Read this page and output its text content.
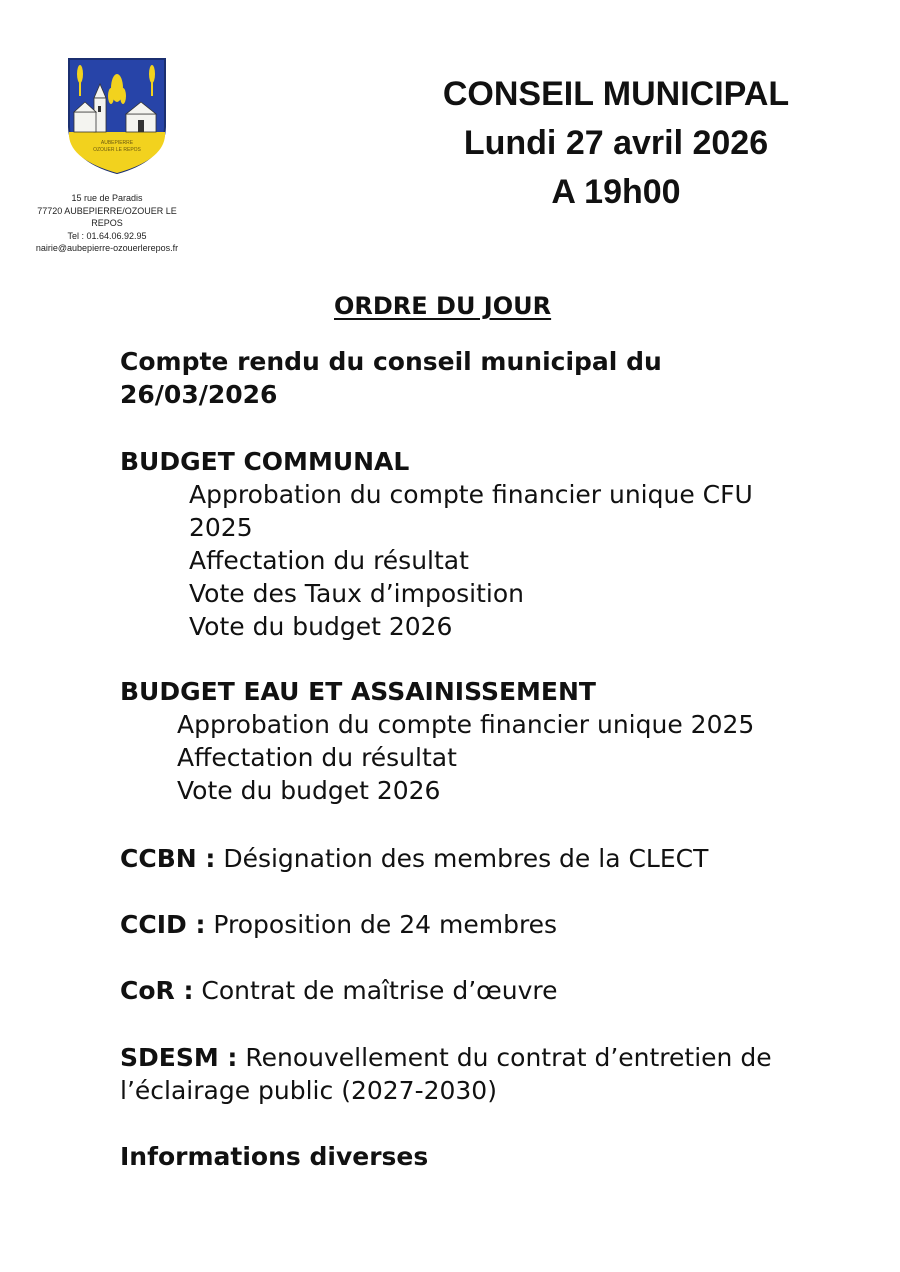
AUBEPIERRE
OZOUER LE REPOS
15 rue de Paradis
77720 AUBEPIERRE/OZOUER LE
REPOS
Tel : 01.64.06.92.95
nairie@aubepierre-ozouerlerepos.fr
CONSEIL MUNICIPAL
Lundi 27 avril 2026
A 19h00
ORDRE DU JOUR
Compte rendu du conseil municipal du
26/03/2026
BUDGET COMMUNAL
Approbation du compte financier unique CFU
2025
Affectation du résultat
Vote des Taux d’imposition
Vote du budget 2026
BUDGET EAU ET ASSAINISSEMENT
Approbation du compte financier unique 2025
Affectation du résultat
Vote du budget 2026
CCBN : Désignation des membres de la CLECT
CCID : Proposition de 24 membres
CoR : Contrat de maîtrise d’œuvre
SDESM : Renouvellement du contrat d’entretien de
l’éclairage public (2027-2030)
Informations diverses
